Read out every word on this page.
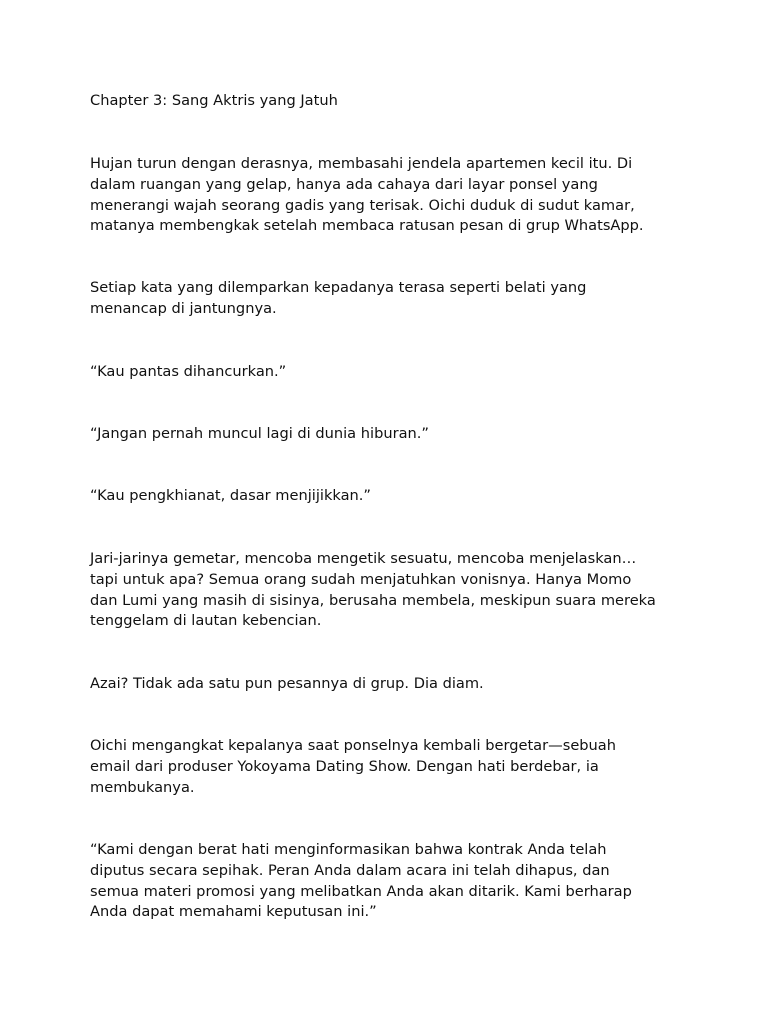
Chapter 3: Sang Aktris yang Jatuh

Hujan turun dengan derasnya, membasahi jendela apartemen kecil itu. Di
dalam ruangan yang gelap, hanya ada cahaya dari layar ponsel yang
menerangi wajah seorang gadis yang terisak. Oichi duduk di sudut kamar,
matanya membengkak setelah membaca ratusan pesan di grup WhatsApp.

Setiap kata yang dilemparkan kepadanya terasa seperti belati yang
menancap di jantungnya.

“Kau pantas dihancurkan.”

“Jangan pernah muncul lagi di dunia hiburan.”

“Kau pengkhianat, dasar menjijikkan.”

Jari-jarinya gemetar, mencoba mengetik sesuatu, mencoba menjelaskan…
tapi untuk apa? Semua orang sudah menjatuhkan vonisnya. Hanya Momo
dan Lumi yang masih di sisinya, berusaha membela, meskipun suara mereka
tenggelam di lautan kebencian.

Azai? Tidak ada satu pun pesannya di grup. Dia diam.

Oichi mengangkat kepalanya saat ponselnya kembali bergetar—sebuah
email dari produser Yokoyama Dating Show. Dengan hati berdebar, ia
membukanya.

“Kami dengan berat hati menginformasikan bahwa kontrak Anda telah
diputus secara sepihak. Peran Anda dalam acara ini telah dihapus, dan
semua materi promosi yang melibatkan Anda akan ditarik. Kami berharap
Anda dapat memahami keputusan ini.”
